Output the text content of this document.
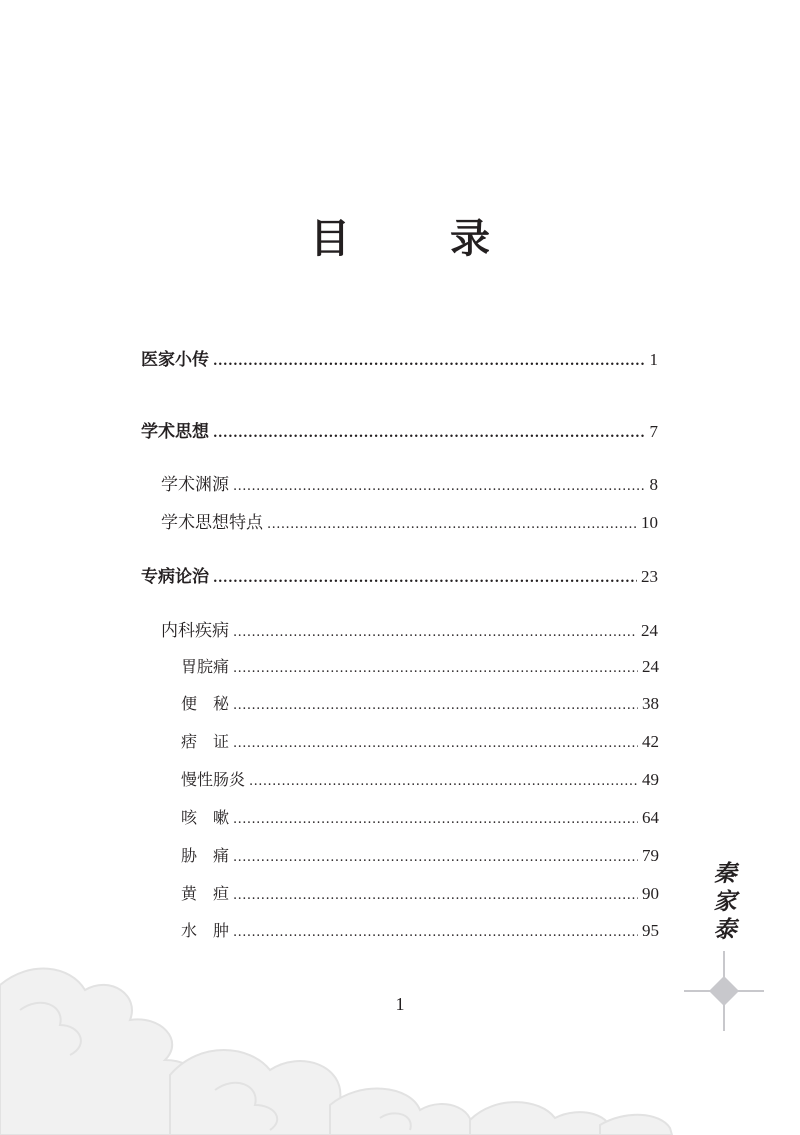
目　录
医家小传 .....	1
学术思想 .....	7
学术渊源 .....	8
学术思想特点 .....	10
专病论治 .....	23
内科疾病 .....	24
胃脘痛 .....	24
便　秘 .....	38
痞　证 .....	42
慢性肠炎 .....	49
咳　嗽 .....	64
胁　痛 .....	79
黄　疸 .....	90
水　肿 .....	95
秦
家
泰
1
